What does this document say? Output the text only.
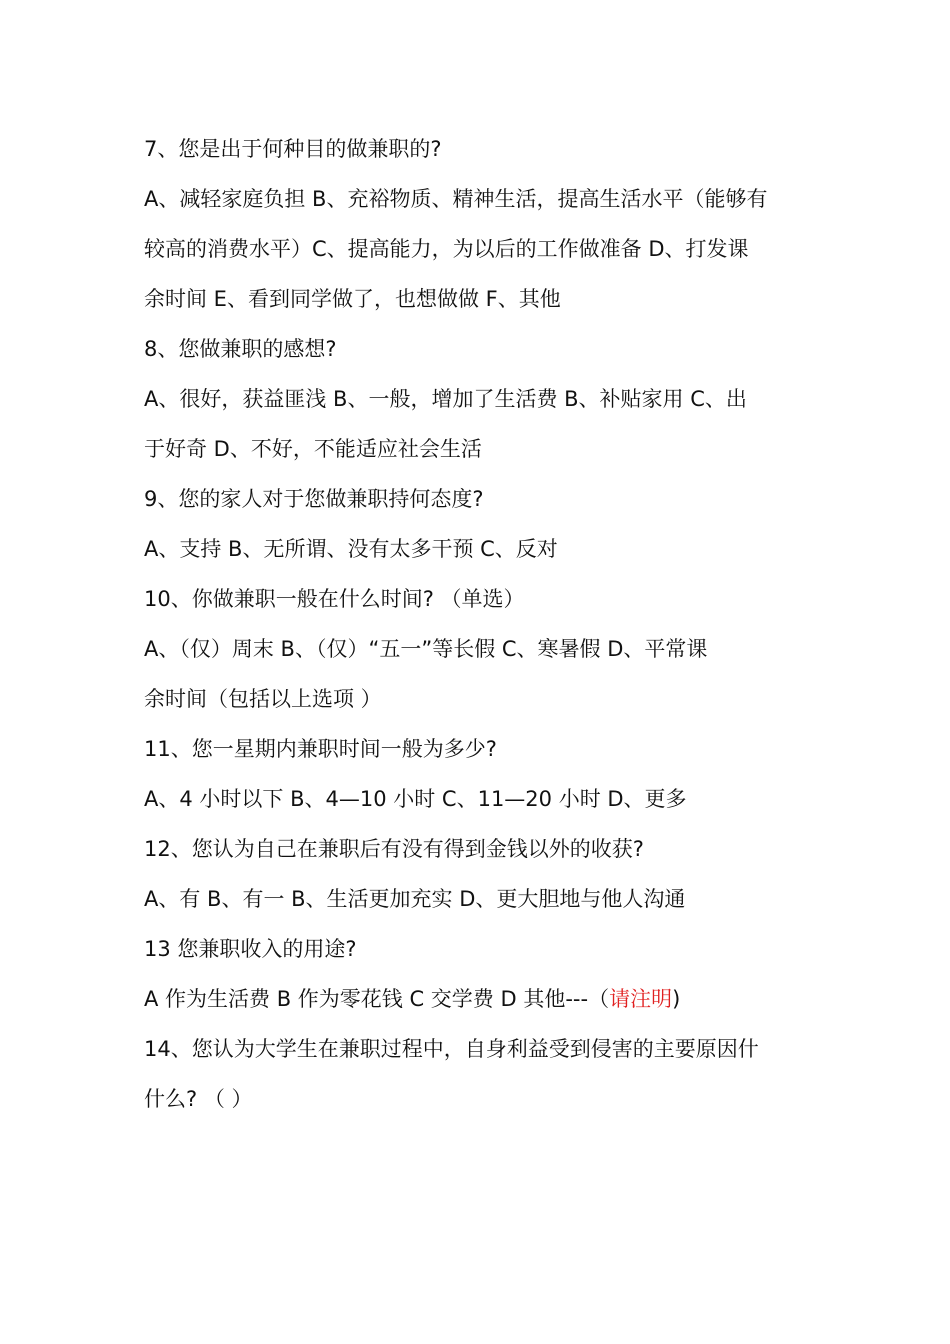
7、您是出于何种目的做兼职的?
A、减轻家庭负担 B、充裕物质、精神生活，提高生活水平（能够有
较高的消费水平）C、提高能力，为以后的工作做准备 D、打发课
余时间 E、看到同学做了，也想做做 F、其他
8、您做兼职的感想?
A、很好，获益匪浅 B、一般，增加了生活费 B、补贴家用 C、出
于好奇 D、不好，不能适应社会生活
9、您的家人对于您做兼职持何态度?
A、支持 B、无所谓、没有太多干预 C、反对
10、你做兼职一般在什么时间? （单选）
A、（仅）周末 B、（仅）“五一”等长假 C、寒暑假 D、平常课
余时间（包括以上选项 ）
11、您一星期内兼职时间一般为多少?
A、4 小时以下 B、4—10 小时 C、11—20 小时 D、更多
12、您认为自己在兼职后有没有得到金钱以外的收获?
A、有 B、有一 B、生活更加充实 D、更大胆地与他人沟通
13 您兼职收入的用途?
A 作为生活费 B 作为零花钱 C 交学费 D 其他---（请注明)
14、您认为大学生在兼职过程中，自身利益受到侵害的主要原因什
什么? （ ）
